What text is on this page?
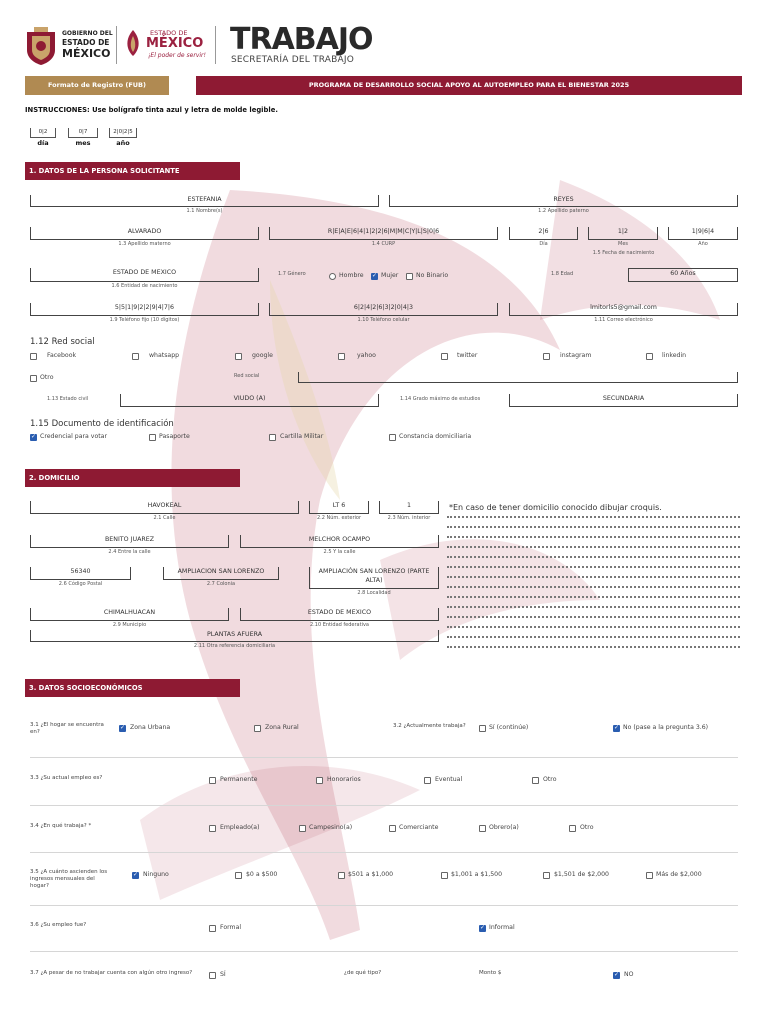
GOBIERNO DEL
ESTADO DE
MÉXICO
ESTADO DE
MÉXICO
¡El poder de servir! TRABAJO
SECRETARÍA DEL TRABAJO
Formato de Registro (FUB)	PROGRAMA DE DESARROLLO SOCIAL APOYO AL AUTOEMPLEO PARA EL BIENESTAR 2025
INSTRUCCIONES: Use bolígrafo tinta azul y letra de molde legible.
0|2	0|7	2|0|2|5
día	mes	año
1. DATOS DE LA PERSONA SOLICITANTE
ESTEFANIA
1.1 Nombre(s)
REYES
1.2 Apellido paterno
ALVARADO
1.3 Apellido materno
R|E|A|E|6|4|1|2|2|6|M|M|C|Y|L|S|0|6
1.4 CURP
2|6
Día
1|2
Mes
1|9|6|4
Año
1.5 Fecha de nacimiento
ESTADO DE MEXICO
1.6 Entidad de nacimiento
1.7 Género	Hombre ✓	Mujer	No Binario	1.8 Edad	60 Años
5|5|1|9|2|2|9|4|7|6
1.9 Teléfono fijo (10 dígitos)
6|2|4|2|6|3|2|0|4|3
1.10 Teléfono celular
lmitorls5@gmail.com
1.11 Correo electrónico
1.12 Red social
Facebook	whatsapp	google	yahoo	twitter	instagram	linkedin
Otro	Red social
1.13 Estado civil	VIUDO (A)	1.14 Grado máximo de estudios	SECUNDARIA
1.15 Documento de identificación
✓
Credencial para votar	Pasaporte	Cartilla Militar	Constancia domiciliaria
2. DOMICILIO
HAVOKEAL
2.1 Calle
LT 6
2.2 Núm. exterior
1
2.3 Núm. interior
*En caso de tener domicilio conocido dibujar croquis.
BENITO JUAREZ
2.4 Entre la calle
MELCHOR OCAMPO
2.5 Y la calle
56340
2.6 Código Postal
AMPLIACION SAN LORENZO
2.7 Colonia
AMPLIACIÓN SAN LORENZO (PARTE ALTA)
2.8 Localidad
CHIMALHUACAN
2.9 Municipio
ESTADO DE MEXICO
2.10 Entidad federativa
PLANTAS AFUERA
2.11 Otra referencia domiciliaria
3. DATOS SOCIOECONÓMICOS
3.1 ¿El hogar se encuentra en?
✓
Zona Urbana	Zona Rural	3.2 ¿Actualmente trabaja?	Sí (continúe) ✓	No (pase a la pregunta 3.6)
3.3 ¿Su actual empleo es?	Permanente	Honorarios	Eventual	Otro
3.4 ¿En qué trabaja? *	Empleado(a)	Campesino(a)	Comerciante	Obrero(a)	Otro
3.5 ¿A cuánto ascienden los ingresos mensuales del hogar?
✓
Ninguno	$0 a $500	$501 a $1,000	$1,001 a $1,500	$1,501 de $2,000	Más de $2,000
3.6 ¿Su empleo fue?	Formal ✓	Informal
3.7 ¿A pesar de no trabajar cuenta con algún otro ingreso?	SÍ	¿de qué tipo?	Monto $ ✓	NO
